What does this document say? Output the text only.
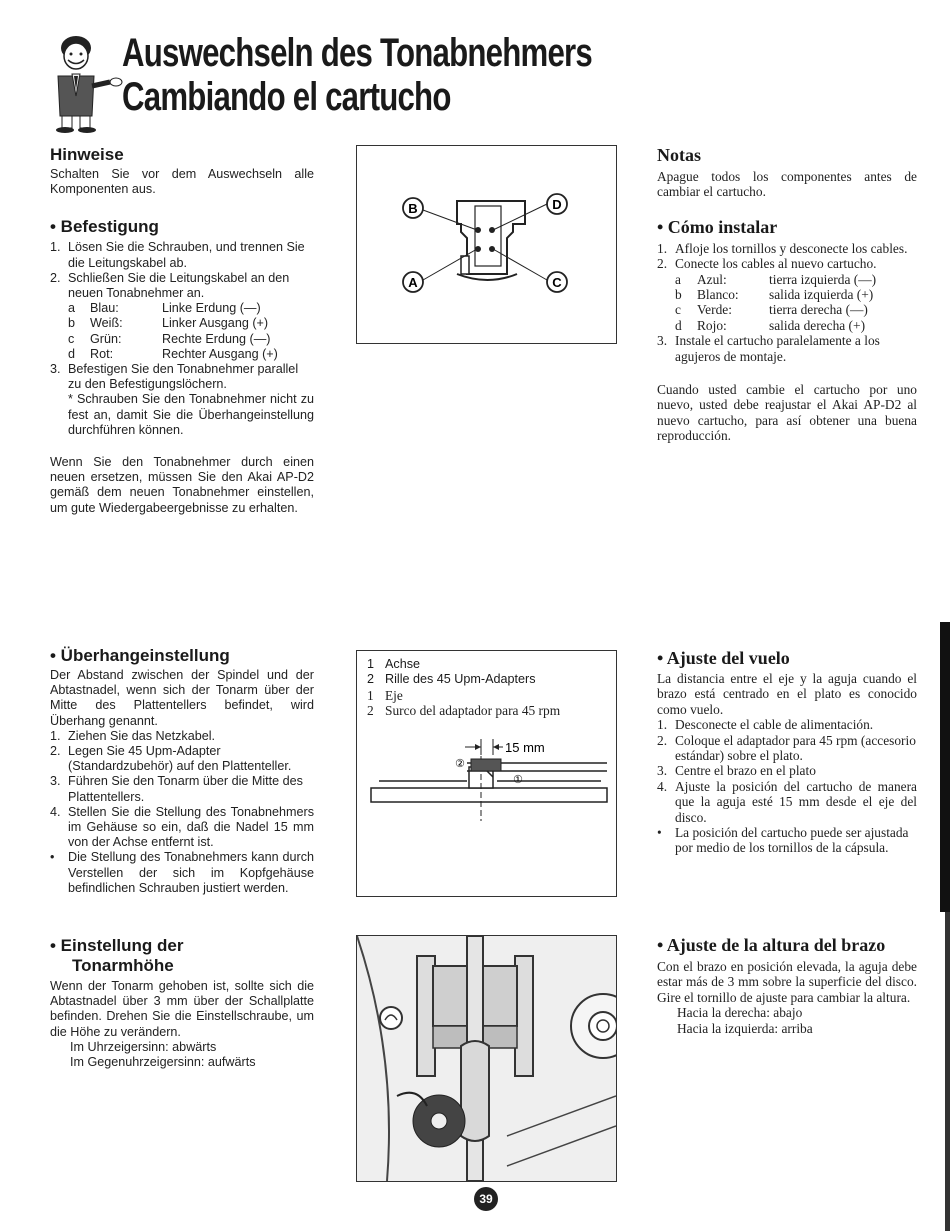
Auswechseln des Tonabnehmers
Cambiando el cartucho
Hinweise

Schalten Sie vor dem Auswechseln alle Komponenten aus.

• Befestigung
1. Lösen Sie die Schrauben, und trennen Sie die Leitungskabel ab.
2. Schließen Sie die Leitungskabel an den neuen Tonabnehmer an.
a	Blau:	Linke Erdung (—)
b	Weiß:	Linker Ausgang (+)
c	Grün:	Rechte Erdung (—)
d	Rot:	Rechter Ausgang (+)
3. Befestigen Sie den Tonabnehmer parallel zu den Befestigungslöchern.
* Schrauben Sie den Tonabnehmer nicht zu fest an, damit Sie die Überhangeinstellung durchführen können.

Wenn Sie den Tonabnehmer durch einen neuen ersetzen, müssen Sie den Akai AP-D2 gemäß dem neuen Tonabnehmer einstellen, um gute Wiedergabeergebnisse zu erhalten.

B	D
A	C
Notas

Apague todos los componentes antes de cambiar el cartucho.

• Cómo instalar
1. Afloje los tornillos y desconecte los cables.
2. Conecte los cables al nuevo cartucho.
a	Azul:	tierra izquierda (—)
b	Blanco:	salida izquierda (+)
c	Verde:	tierra derecha (—)
d	Rojo:	salida derecha (+)
3. Instale el cartucho paralelamente a los agujeros de montaje.

Cuando usted cambie el cartucho por uno nuevo, usted debe reajustar el Akai AP-D2 al nuevo cartucho, para así obtener una buena reproducción.

• Überhangeinstellung

Der Abstand zwischen der Spindel und der Abtastnadel, wenn sich der Tonarm über der Mitte des Plattentellers befindet, wird Überhang genannt.

1. Ziehen Sie das Netzkabel.
2. Legen Sie 45 Upm-Adapter (Standardzubehör) auf den Plattenteller.
3. Führen Sie den Tonarm über die Mitte des Plattentellers.
4. Stellen Sie die Stellung des Tonabnehmers im Gehäuse so ein, daß die Nadel 15 mm von der Achse entfernt ist.
•	Die Stellung des Tonabnehmers kann durch Verstellen der sich im Kopfgehäuse befindlichen Schrauben justiert werden.
1 Achse
2 Rille des 45 Upm-Adapters
1 Eje
2 Surco del adaptador para 45 rpm
15 mm
②
①
• Ajuste del vuelo

La distancia entre el eje y la aguja cuando el brazo está centrado en el plato es conocido como vuelo.

1. Desconecte el cable de alimentación.
2. Coloque el adaptador para 45 rpm (accesorio estándar) sobre el plato.
3. Centre el brazo en el plato
4. Ajuste la posición del cartucho de manera que la aguja esté 15 mm desde el eje del disco.
• La posición del cartucho puede ser ajustada por medio de los tornillos de la cápsula.
• Einstellung der
Tonarmhöhe

Wenn der Tonarm gehoben ist, sollte sich die Abtastnadel über 3 mm über der Schallplatte befinden. Drehen Sie die Einstellschraube, um die Höhe zu verändern.

Im Uhrzeigersinn: abwärts
Im Gegenuhrzeigersinn: aufwärts
• Ajuste de la altura del brazo

Con el brazo en posición elevada, la aguja debe estar más de 3 mm sobre la superficie del disco. Gire el tornillo de ajuste para cambiar la altura.

Hacia la derecha: abajo
Hacia la izquierda: arriba
39
